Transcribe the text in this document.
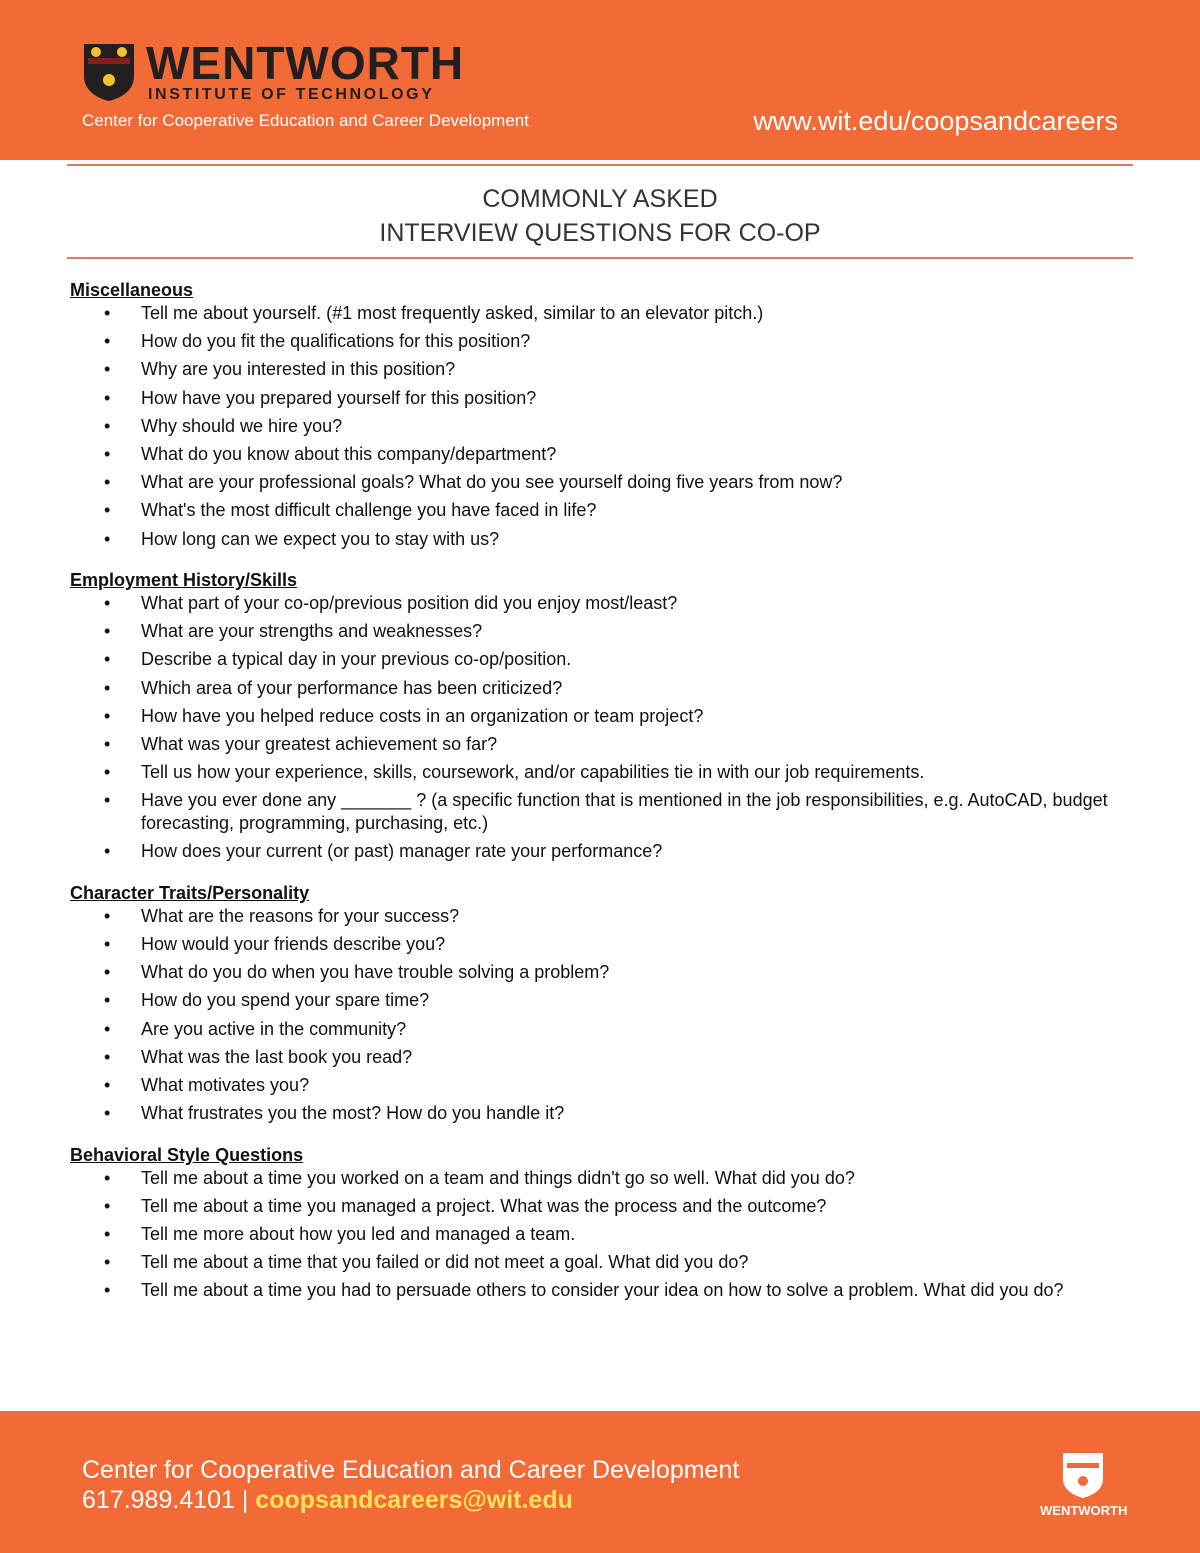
WENTWORTH
INSTITUTE OF TECHNOLOGY
Center for Cooperative Education and Career Development	www.wit.edu/coopsandcareers
COMMONLY ASKED
INTERVIEW QUESTIONS FOR CO-OP
Miscellaneous
• Tell me about yourself. (#1 most frequently asked, similar to an elevator pitch.)
• How do you fit the qualifications for this position?
• Why are you interested in this position?
• How have you prepared yourself for this position?
• Why should we hire you?
• What do you know about this company/department?
• What are your professional goals? What do you see yourself doing five years from now?
• What's the most difficult challenge you have faced in life?
• How long can we expect you to stay with us?
Employment History/Skills
• What part of your co-op/previous position did you enjoy most/least?
• What are your strengths and weaknesses?
• Describe a typical day in your previous co-op/position.
• Which area of your performance has been criticized?
• How have you helped reduce costs in an organization or team project?
• What was your greatest achievement so far?
• Tell us how your experience, skills, coursework, and/or capabilities tie in with our job requirements.
• Have you ever done any _______ ? (a specific function that is mentioned in the job responsibilities, e.g. AutoCAD, budget forecasting, programming, purchasing, etc.)
• How does your current (or past) manager rate your performance?
Character Traits/Personality
• What are the reasons for your success?
• How would your friends describe you?
• What do you do when you have trouble solving a problem?
• How do you spend your spare time?
• Are you active in the community?
• What was the last book you read?
• What motivates you?
• What frustrates you the most? How do you handle it?
Behavioral Style Questions
• Tell me about a time you worked on a team and things didn't go so well. What did you do?
• Tell me about a time you managed a project. What was the process and the outcome?
• Tell me more about how you led and managed a team.
• Tell me about a time that you failed or did not meet a goal. What did you do?
• Tell me about a time you had to persuade others to consider your idea on how to solve a problem. What did you do?
Center for Cooperative Education and Career Development
617.989.4101 | coopsandcareers@wit.edu	WENTWORTH
